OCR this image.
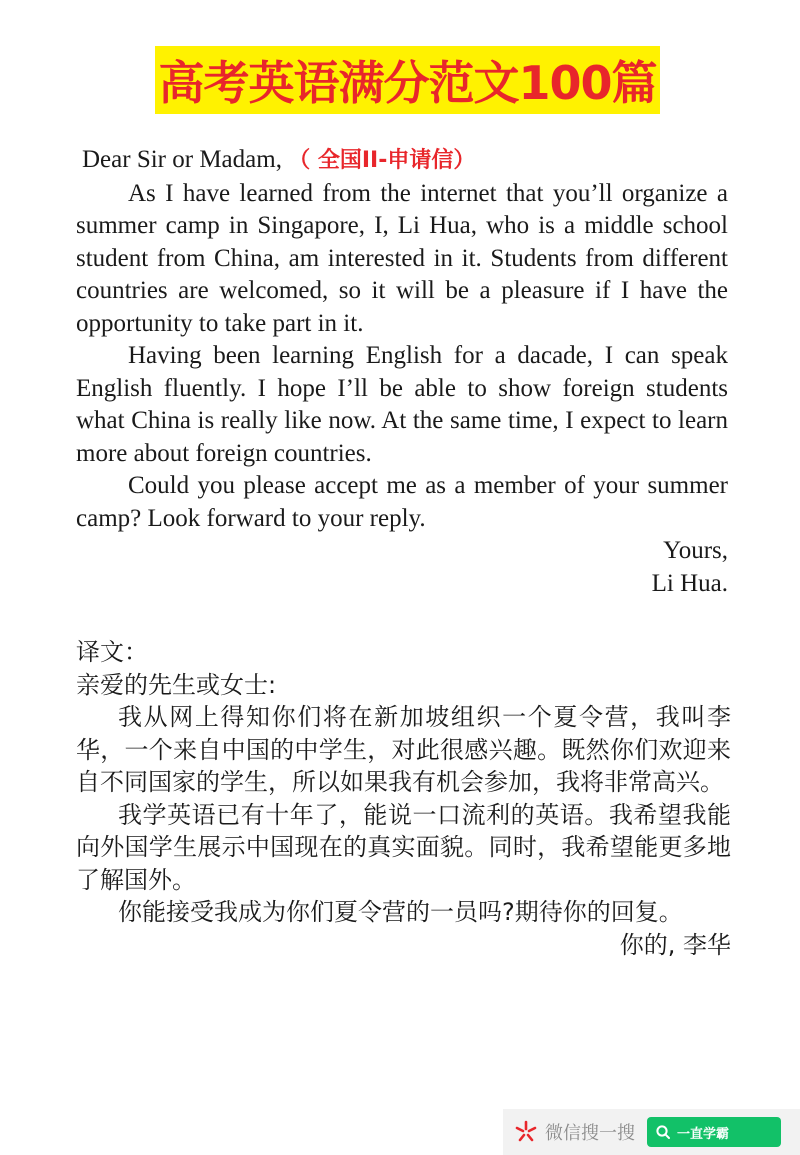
高考英语满分范文100篇
Dear Sir or Madam, （ 全国II-申请信）

As I have learned from the internet that you’ll organize a summer camp in Singapore, I, Li Hua, who is a middle school student from China, am interested in it. Students from different countries are welcomed, so it will be a pleasure if I have the opportunity to take part in it.

Having been learning English for a dacade, I can speak English fluently. I hope I’ll be able to show foreign students what China is really like now. At the same time, I expect to learn more about foreign countries.

Could you please accept me as a member of your summer camp? Look forward to your reply.

Yours,
Li Hua.
译文：
亲爱的先生或女士:

我从网上得知你们将在新加坡组织一个夏令营，我叫李华，一个来自中国的中学生，对此很感兴趣。既然你们欢迎来自不同国家的学生，所以如果我有机会参加，我将非常高兴。

我学英语已有十年了，能说一口流利的英语。我希望我能向外国学生展示中国现在的真实面貌。同时，我希望能更多地了解国外。

你能接受我成为你们夏令营的一员吗?期待你的回复。

你的, 李华
微信搜一搜	一直学霸
